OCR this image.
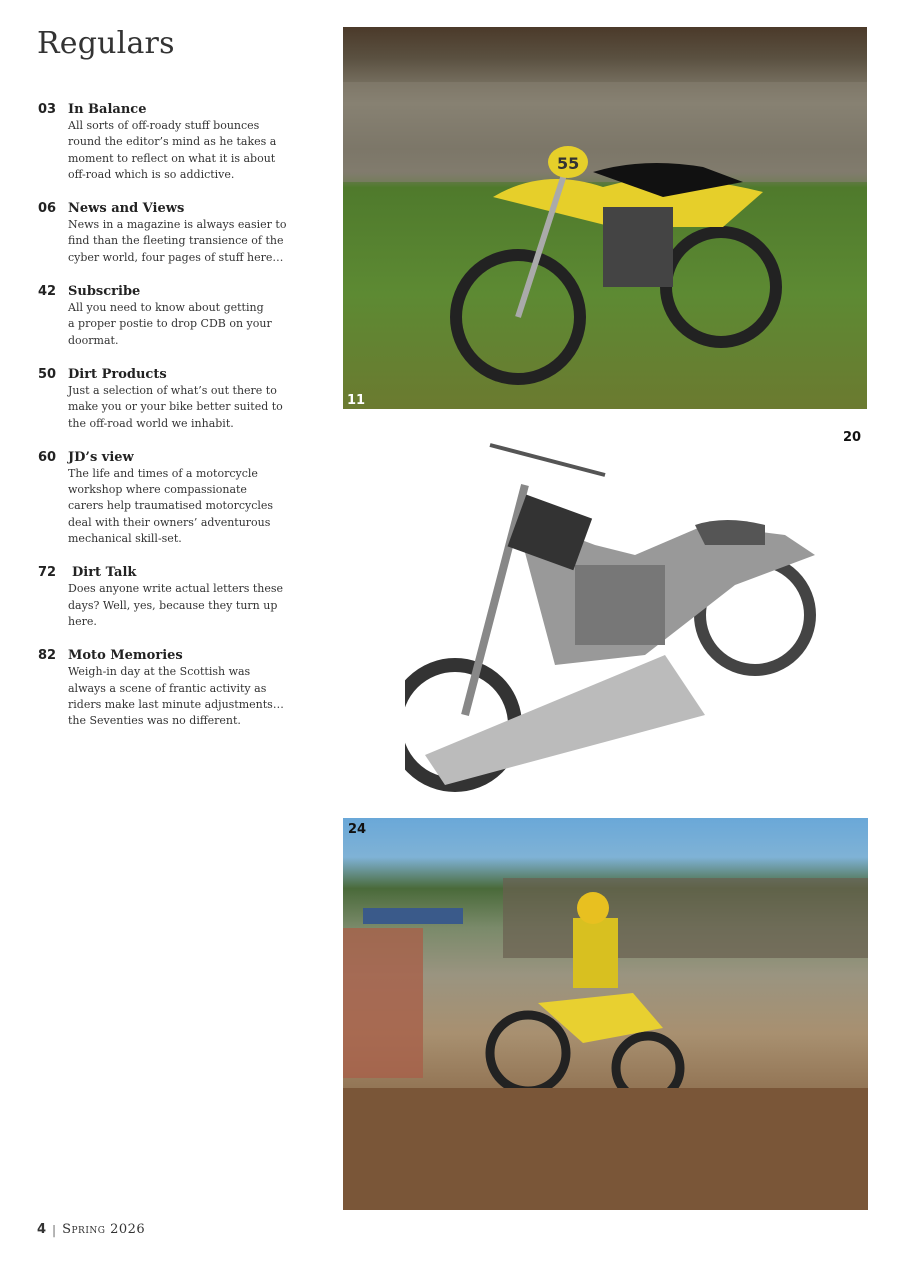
Regulars
03 In Balance
All sorts of off-roady stuff bounces
round the editor’s mind as he takes a
moment to reflect on what it is about
off-road which is so addictive.
06 News and Views
News in a magazine is always easier to
find than the fleeting transience of the
cyber world, four pages of stuff here…
42 Subscribe
All you need to know about getting
a proper postie to drop CDB on your
doormat.
50 Dirt Products
Just a selection of what’s out there to
make you or your bike better suited to
the off-road world we inhabit.
60 JD’s view
The life and times of a motorcycle
workshop where compassionate
carers help traumatised motorcycles
deal with their owners’ adventurous
mechanical skill-set.
72	Dirt Talk
Does anyone write actual letters these
days? Well, yes, because they turn up
here.
82 Moto Memories
Weigh-in day at the Scottish was
always a scene of frantic activity as
riders make last minute adjustments…
the Seventies was no different.
55
11
20
24
4 | Spring 2026
